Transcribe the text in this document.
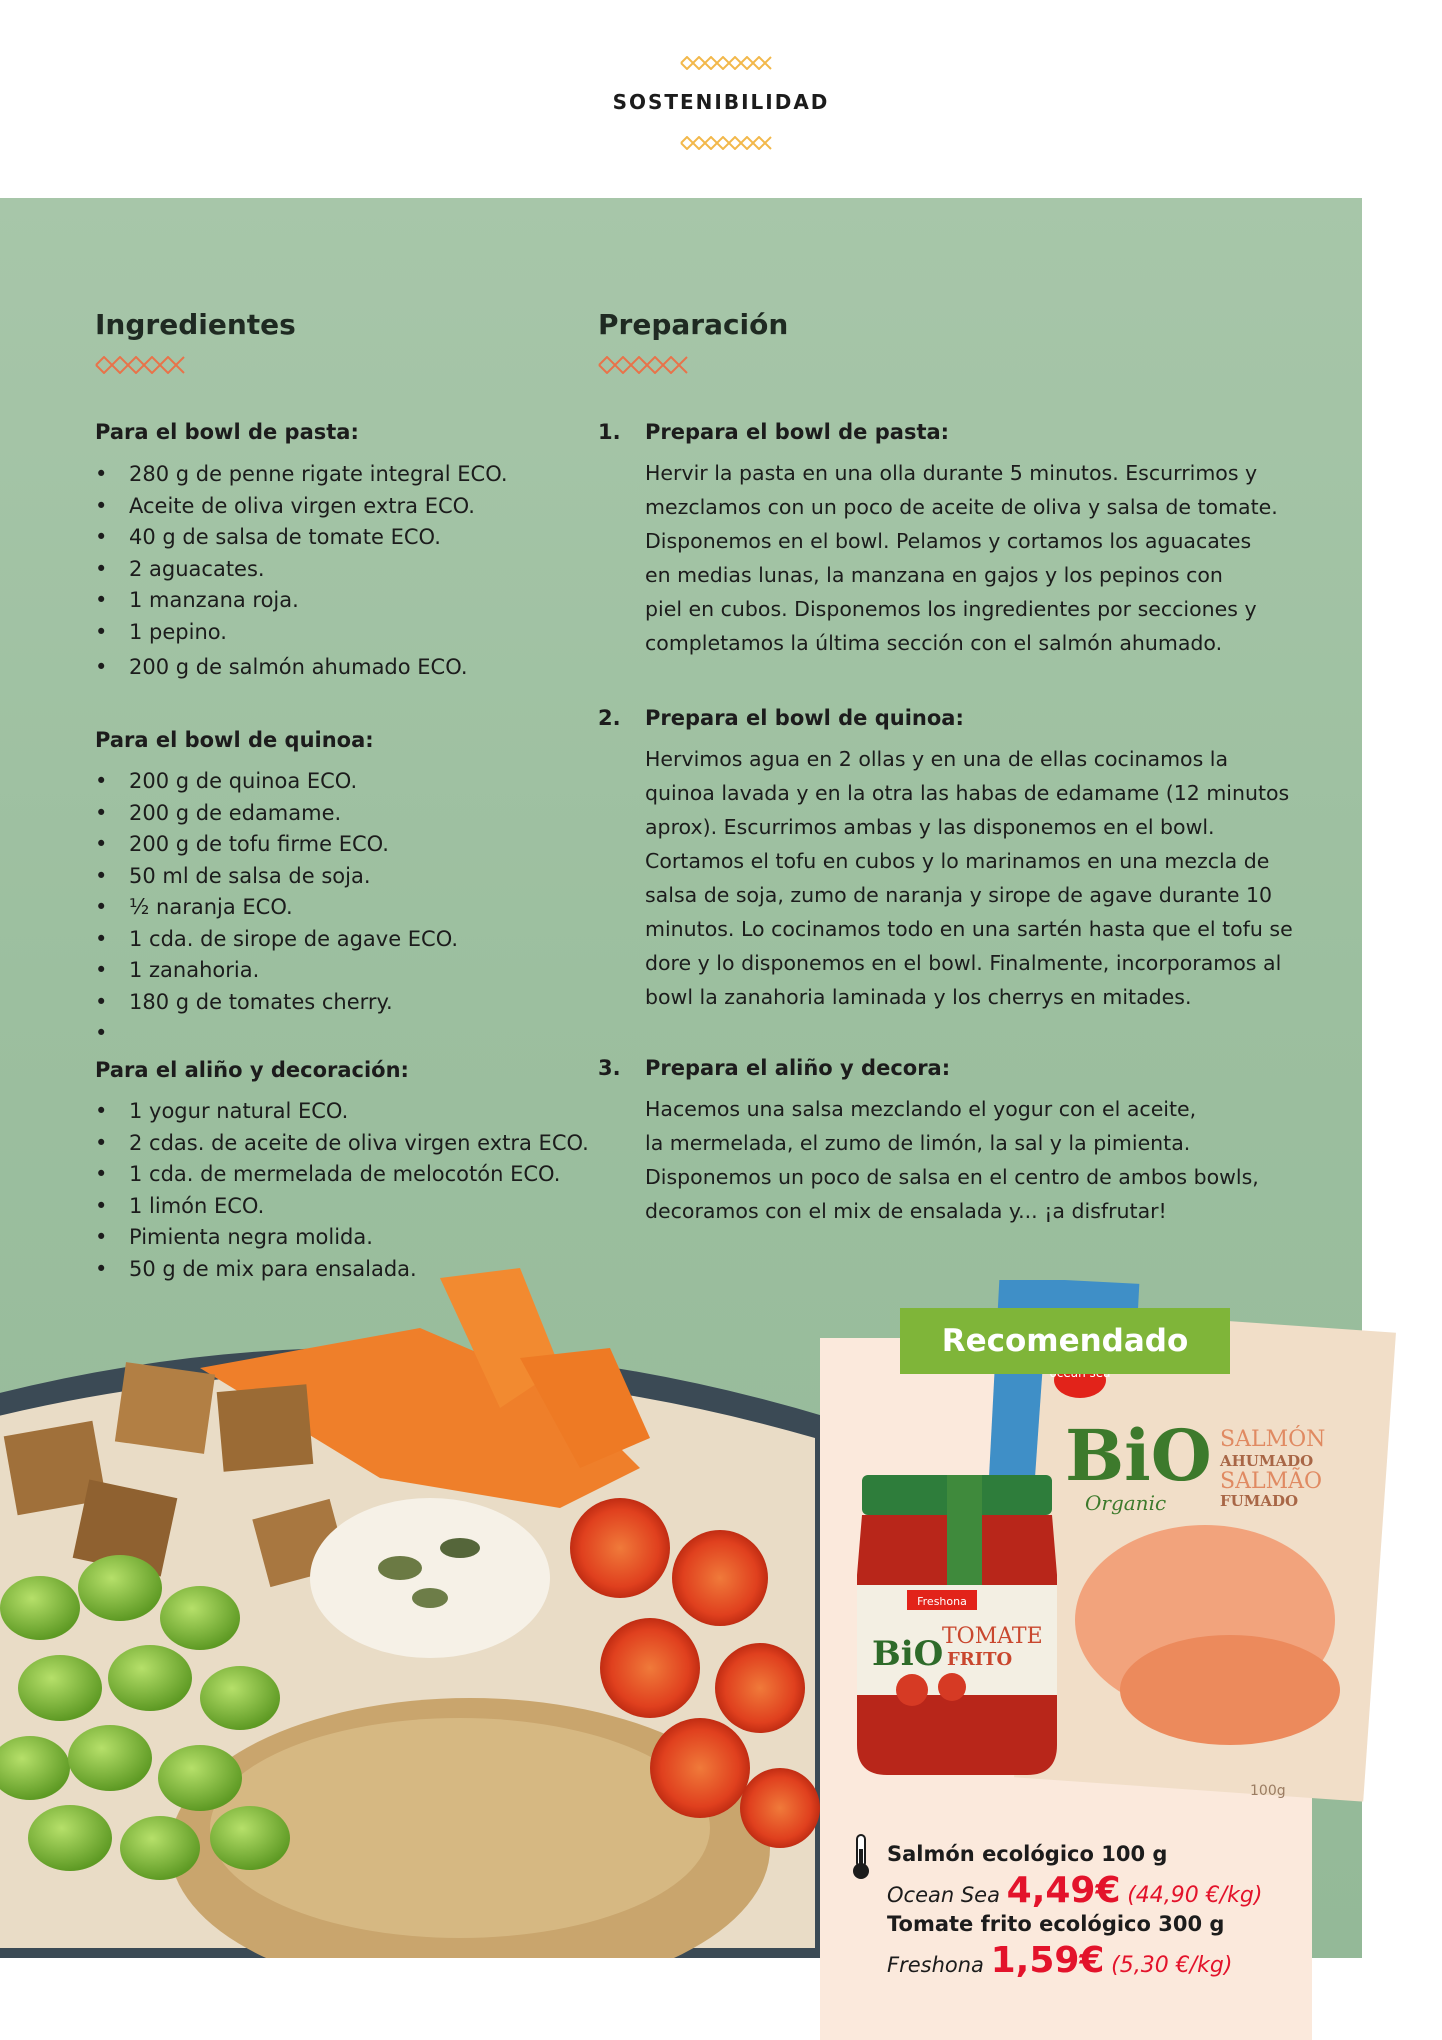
SOSTENIBILIDAD
Ingredientes
Para el bowl de pasta:
• 280 g de penne rigate integral ECO.
• Aceite de oliva virgen extra ECO.
• 40 g de salsa de tomate ECO.
• 2 aguacates.
• 1 manzana roja.
• 1 pepino.
• 200 g de salmón ahumado ECO.
Para el bowl de quinoa:
• 200 g de quinoa ECO.
• 200 g de edamame.
• 200 g de tofu firme ECO.
• 50 ml de salsa de soja.
• ½ naranja ECO.
• 1 cda. de sirope de agave ECO.
• 1 zanahoria.
• 180 g de tomates cherry.
•
Para el aliño y decoración:
• 1 yogur natural ECO.
• 2 cdas. de aceite de oliva virgen extra ECO.
• 1 cda. de mermelada de melocotón ECO.
• 1 limón ECO.
• Pimienta negra molida.
• 50 g de mix para ensalada.
Preparación
1. Prepara el bowl de pasta:
Hervir la pasta en una olla durante 5 minutos. Escurrimos y
mezclamos con un poco de aceite de oliva y salsa de tomate.
Disponemos en el bowl. Pelamos y cortamos los aguacates
en medias lunas, la manzana en gajos y los pepinos con
piel en cubos. Disponemos los ingredientes por secciones y
completamos la última sección con el salmón ahumado.
2. Prepara el bowl de quinoa:
Hervimos agua en 2 ollas y en una de ellas cocinamos la
quinoa lavada y en la otra las habas de edamame (12 minutos
aprox). Escurrimos ambas y las disponemos en el bowl.
Cortamos el tofu en cubos y lo marinamos en una mezcla de
salsa de soja, zumo de naranja y sirope de agave durante 10
minutos. Lo cocinamos todo en una sartén hasta que el tofu se
dore y lo disponemos en el bowl. Finalmente, incorporamos al
bowl la zanahoria laminada y los cherrys en mitades.
3. Prepara el aliño y decora:
Hacemos una salsa mezclando el yogur con el aceite,
la mermelada, el zumo de limón, la sal y la pimienta.
Disponemos un poco de salsa en el centro de ambos bowls,
decoramos con el mix de ensalada y... ¡a disfrutar!
BiO
Organic
SALMÓN
AHUMADO
SALMÃO
FUMADO
100g
Freshona
BiO
TOMATE
FRITO
Recomendado
Salmón ecológico 100 g
Ocean Sea 4,49€ (44,90 €/kg)
Tomate frito ecológico 300 g
Freshona 1,59€ (5,30 €/kg)
